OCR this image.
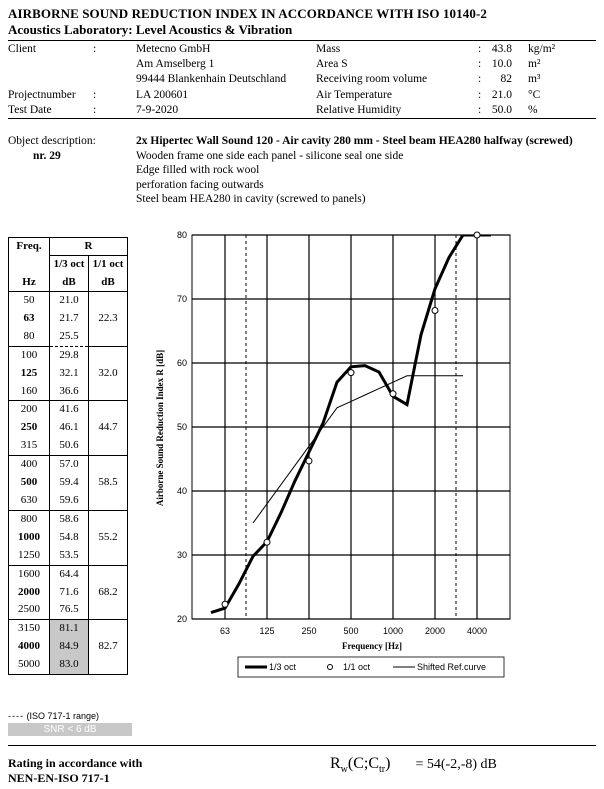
AIRBORNE SOUND REDUCTION INDEX IN ACCORDANCE WITH ISO 10140-2
Acoustics Laboratory: Level Acoustics & Vibration
Client	:	Metecno GmbH
Am Amselberg 1
99444 Blankenhain Deutschland
Projectnumber :	LA 200601
Test Date	:	7-9-2020
Mass	: 43.8 kg/m²
Area S	: 10.0 m²
Receiving room volume	:	82 m³
Air Temperature	: 21.0 °C
Relative Humidity	: 50.0 %
Object description:
nr. 29
2x Hipertec Wall Sound 120 - Air cavity 280 mm - Steel beam HEA280 halfway (screwed)
Wooden frame one side each panel - silicone seal one side
Edge filled with rock wool
perforation facing outwards
Steel beam HEA280 in cavity (screwed to panels)
Freq.	R	
	1/3 oct	1/1 oct
Hz	dB	dB
50	21.0	22.3
63	21.7	
80	25.5	
100	29.8	32.0
125	32.1	
160	36.6	
200	41.6	44.7
250	46.1	
315	50.6	
400	57.0	58.5
500	59.4	
630	59.6	
800	58.6	55.2
1000	54.8	
1250	53.5	
1600	64.4	68.2
2000	71.6	
2500	76.5	
3150	81.1	82.7
4000	84.9	
5000	83.0	
20
30
40
50
60
70
80
63	125	250	500	1000 2000 4000
Airborne Sound Reduction Index R [dB]
Frequency [Hz]
1/3 oct	1/1 oct	Shifted Ref.curve
---- (ISO 717-1 range)
SNR < 6 dB
Rating in accordance with
NEN-EN-ISO 717-1
$R_w(C;C_{tr}) = 54(-2,-8)$ dB
